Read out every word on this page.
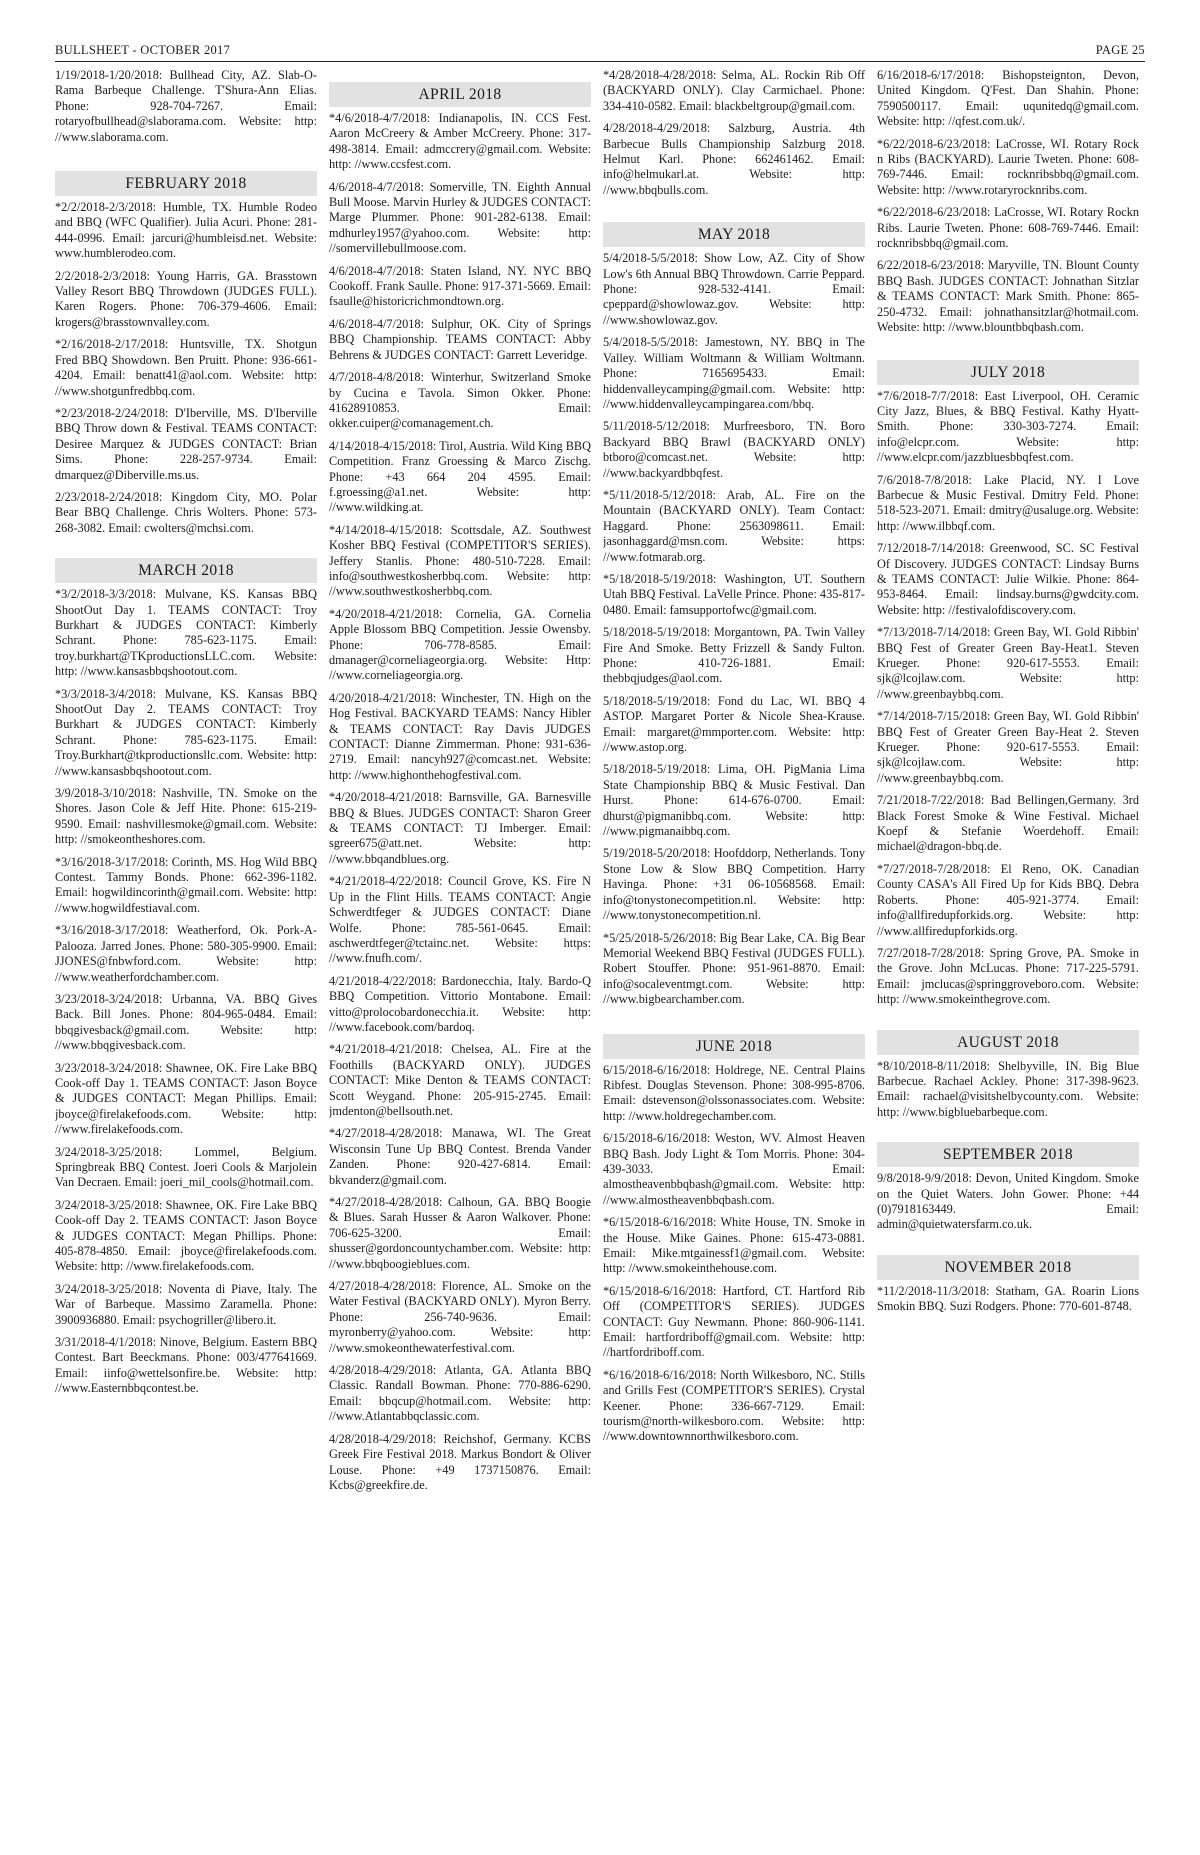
BULLSHEET - OCTOBER 2017	PAGE 25

1/19/2018-1/20/2018: Bullhead City, AZ. Slab-O-Rama Barbeque Challenge. T'Shura-Ann Elias. Phone: 928-704-7267. Email: rotaryofbullhead@slaborama.com. Website: http: //www.slaborama.com.

FEBRUARY 2018

*2/2/2018-2/3/2018: Humble, TX. Humble Rodeo and BBQ (WFC Qualifier). Julia Acuri. Phone: 281-444-0996. Email: jarcuri@humbleisd.net. Website: www.humblerodeo.com.

2/2/2018-2/3/2018: Young Harris, GA. Brasstown Valley Resort BBQ Throwdown (JUDGES FULL). Karen Rogers. Phone: 706-379-4606. Email: krogers@brasstownvalley.com.

*2/16/2018-2/17/2018: Huntsville, TX. Shotgun Fred BBQ Showdown. Ben Pruitt. Phone: 936-661-4204. Email: benatt41@aol.com. Website: http: //www.shotgunfredbbq.com.

*2/23/2018-2/24/2018: D'Iberville, MS. D'Iberville BBQ Throw down & Festival. TEAMS CONTACT: Desiree Marquez & JUDGES CONTACT: Brian Sims. Phone: 228-257-9734. Email: dmarquez@Diberville.ms.us.

2/23/2018-2/24/2018: Kingdom City, MO. Polar Bear BBQ Challenge. Chris Wolters. Phone: 573-268-3082. Email: cwolters@mchsi.com.

MARCH 2018

*3/2/2018-3/3/2018: Mulvane, KS. Kansas BBQ ShootOut Day 1. TEAMS CONTACT: Troy Burkhart & JUDGES CONTACT: Kimberly Schrant. Phone: 785-623-1175. Email: troy.burkhart@TKproductionsLLC.com. Website: http: //www.kansasbbqshootout.com.

*3/3/2018-3/4/2018: Mulvane, KS. Kansas BBQ ShootOut Day 2. TEAMS CONTACT: Troy Burkhart & JUDGES CONTACT: Kimberly Schrant. Phone: 785-623-1175. Email: Troy.Burkhart@tkproductionsllc.com. Website: http: //www.kansasbbqshootout.com.

3/9/2018-3/10/2018: Nashville, TN. Smoke on the Shores. Jason Cole & Jeff Hite. Phone: 615-219-9590. Email: nashvillesmoke@gmail.com. Website: http: //smokeontheshores.com.

*3/16/2018-3/17/2018: Corinth, MS. Hog Wild BBQ Contest. Tammy Bonds. Phone: 662-396-1182. Email: hogwildincorinth@gmail.com. Website: http: //www.hogwildfestiaval.com.

*3/16/2018-3/17/2018: Weatherford, Ok. Pork-A-Palooza. Jarred Jones. Phone: 580-305-9900. Email: JJONES@fnbwford.com. Website: http: //www.weatherfordchamber.com.

3/23/2018-3/24/2018: Urbanna, VA. BBQ Gives Back. Bill Jones. Phone: 804-965-0484. Email: bbqgivesback@gmail.com. Website: http: //www.bbqgivesback.com.

3/23/2018-3/24/2018: Shawnee, OK. Fire Lake BBQ Cook-off Day 1. TEAMS CONTACT: Jason Boyce & JUDGES CONTACT: Megan Phillips. Email: jboyce@firelakefoods.com. Website: http: //www.firelakefoods.com.

3/24/2018-3/25/2018: Lommel, Belgium. Springbreak BBQ Contest. Joeri Cools & Marjolein Van Decraen. Email: joeri_mil_cools@hotmail.com.

3/24/2018-3/25/2018: Shawnee, OK. Fire Lake BBQ Cook-off Day 2. TEAMS CONTACT: Jason Boyce & JUDGES CONTACT: Megan Phillips. Phone: 405-878-4850. Email: jboyce@firelakefoods.com. Website: http: //www.firelakefoods.com.

3/24/2018-3/25/2018: Noventa di Piave, Italy. The War of Barbeque. Massimo Zaramella. Phone: 3900936880. Email: psychogriller@libero.it.

3/31/2018-4/1/2018: Ninove, Belgium. Eastern BBQ Contest. Bart Beeckmans. Phone: 003/477641669. Email: iinfo@wettelsonfire.be. Website: http: //www.Easternbbqcontest.be.

APRIL 2018

*4/6/2018-4/7/2018: Indianapolis, IN. CCS Fest. Aaron McCreery & Amber McCreery. Phone: 317-498-3814. Email: admccrery@gmail.com. Website: http: //www.ccsfest.com.

4/6/2018-4/7/2018: Somerville, TN. Eighth Annual Bull Moose. Marvin Hurley & JUDGES CONTACT: Marge Plummer. Phone: 901-282-6138. Email: mdhurley1957@yahoo.com. Website: http: //somervillebullmoose.com.

4/6/2018-4/7/2018: Staten Island, NY. NYC BBQ Cookoff. Frank Saulle. Phone: 917-371-5669. Email: fsaulle@historicrichmondtown.org.

4/6/2018-4/7/2018: Sulphur, OK. City of Springs BBQ Championship. TEAMS CONTACT: Abby Behrens & JUDGES CONTACT: Garrett Leveridge.

4/7/2018-4/8/2018: Winterhur, Switzerland Smoke by Cucina e Tavola. Simon Okker. Phone: 41628910853. Email: okker.cuiper@comanagement.ch.

4/14/2018-4/15/2018: Tirol, Austria. Wild King BBQ Competition. Franz Groessing & Marco Zischg. Phone: +43 664 204 4595. Email: f.groessing@a1.net. Website: http: //www.wildking.at.

*4/14/2018-4/15/2018: Scottsdale, AZ. Southwest Kosher BBQ Festival (COMPETITOR'S SERIES). Jeffery Stanlis. Phone: 480-510-7228. Email: info@southwestkosherbbq.com. Website: http: //www.southwestkosherbbq.com.

*4/20/2018-4/21/2018: Cornelia, GA. Cornelia Apple Blossom BBQ Competition. Jessie Owensby. Phone: 706-778-8585. Email: dmanager@corneliageorgia.org. Website: Http: //www.corneliageorgia.org.

4/20/2018-4/21/2018: Winchester, TN. High on the Hog Festival. BACKYARD TEAMS: Nancy Hibler & TEAMS CONTACT: Ray Davis JUDGES CONTACT: Dianne Zimmerman. Phone: 931-636-2719. Email: nancyh927@comcast.net. Website: http: //www.highonthehogfestival.com.

*4/20/2018-4/21/2018: Barnsville, GA. Barnesville BBQ & Blues. JUDGES CONTACT: Sharon Greer & TEAMS CONTACT: TJ Imberger. Email: sgreer675@att.net. Website: http: //www.bbqandblues.org.

*4/21/2018-4/22/2018: Council Grove, KS. Fire N Up in the Flint Hills. TEAMS CONTACT: Angie Schwerdtfeger & JUDGES CONTACT: Diane Wolfe. Phone: 785-561-0645. Email: aschwerdtfeger@tctainc.net. Website: https: //www.fnufh.com/.

4/21/2018-4/22/2018: Bardonecchia, Italy. Bardo-Q BBQ Competition. Vittorio Montabone. Email: vitto@prolocobardonecchia.it. Website: http: //www.facebook.com/bardoq.

*4/21/2018-4/21/2018: Chelsea, AL. Fire at the Foothills (BACKYARD ONLY). JUDGES CONTACT: Mike Denton & TEAMS CONTACT: Scott Weygand. Phone: 205-915-2745. Email: jmdenton@bellsouth.net.

*4/27/2018-4/28/2018: Manawa, WI. The Great Wisconsin Tune Up BBQ Contest. Brenda Vander Zanden. Phone: 920-427-6814. Email: bkvanderz@gmail.com.

*4/27/2018-4/28/2018: Calhoun, GA. BBQ Boogie & Blues. Sarah Husser & Aaron Walkover. Phone: 706-625-3200. Email: shusser@gordoncountychamber.com. Website: http: //www.bbqboogieblues.com.

4/27/2018-4/28/2018: Florence, AL. Smoke on the Water Festival (BACKYARD ONLY). Myron Berry. Phone: 256-740-9636. Email: myronberry@yahoo.com. Website: http: //www.smokeonthewaterfestival.com.

4/28/2018-4/29/2018: Atlanta, GA. Atlanta BBQ Classic. Randall Bowman. Phone: 770-886-6290. Email: bbqcup@hotmail.com. Website: http: //www.Atlantabbqclassic.com.

4/28/2018-4/29/2018: Reichshof, Germany. KCBS Greek Fire Festival 2018. Markus Bondort & Oliver Louse. Phone: +49 1737150876. Email: Kcbs@greekfire.de.

*4/28/2018-4/28/2018: Selma, AL. Rockin Rib Off (BACKYARD ONLY). Clay Carmichael. Phone: 334-410-0582. Email: blackbeltgroup@gmail.com.

4/28/2018-4/29/2018: Salzburg, Austria. 4th Barbecue Bulls Championship Salzburg 2018. Helmut Karl. Phone: 662461462. Email: info@helmukarl.at. Website: http: //www.bbqbulls.com.

MAY 2018

5/4/2018-5/5/2018: Show Low, AZ. City of Show Low's 6th Annual BBQ Throwdown. Carrie Peppard. Phone: 928-532-4141. Email: cpeppard@showlowaz.gov. Website: http: //www.showlowaz.gov.

5/4/2018-5/5/2018: Jamestown, NY. BBQ in The Valley. William Woltmann & William Woltmann. Phone: 7165695433. Email: hiddenvalleycamping@gmail.com. Website: http: //www.hiddenvalleycampingarea.com/bbq.

5/11/2018-5/12/2018: Murfreesboro, TN. Boro Backyard BBQ Brawl (BACKYARD ONLY) btboro@comcast.net. Website: http: //www.backyardbbqfest.

*5/11/2018-5/12/2018: Arab, AL. Fire on the Mountain (BACKYARD ONLY). Team Contact: Haggard. Phone: 2563098611. Email: jasonhaggard@msn.com. Website: https: //www.fotmarab.org.

*5/18/2018-5/19/2018: Washington, UT. Southern Utah BBQ Festival. LaVelle Prince. Phone: 435-817-0480. Email: famsupportofwc@gmail.com.

5/18/2018-5/19/2018: Morgantown, PA. Twin Valley Fire And Smoke. Betty Frizzell & Sandy Fulton. Phone: 410-726-1881. Email: thebbqjudges@aol.com.

5/18/2018-5/19/2018: Fond du Lac, WI. BBQ 4 ASTOP. Margaret Porter & Nicole Shea-Krause. Email: margaret@mmporter.com. Website: http: //www.astop.org.

5/18/2018-5/19/2018: Lima, OH. PigMania Lima State Championship BBQ & Music Festival. Dan Hurst. Phone: 614-676-0700. Email: dhurst@pigmanibbq.com. Website: http: //www.pigmanaibbq.com.

5/19/2018-5/20/2018: Hoofddorp, Netherlands. Tony Stone Low & Slow BBQ Competition. Harry Havinga. Phone: +31 06-10568568. Email: info@tonystonecompetition.nl. Website: http: //www.tonystonecompetition.nl.

*5/25/2018-5/26/2018: Big Bear Lake, CA. Big Bear Memorial Weekend BBQ Festival (JUDGES FULL). Robert Stouffer. Phone: 951-961-8870. Email: info@socaleventmgt.com. Website: http: //www.bigbearchamber.com.

JUNE 2018

6/15/2018-6/16/2018: Holdrege, NE. Central Plains Ribfest. Douglas Stevenson. Phone: 308-995-8706. Email: dstevenson@olssonassociates.com. Website: http: //www.holdregechamber.com.

6/15/2018-6/16/2018: Weston, WV. Almost Heaven BBQ Bash. Jody Light & Tom Morris. Phone: 304-439-3033. Email: almostheavenbbqbash@gmail.com. Website: http: //www.almostheavenbbqbash.com.

*6/15/2018-6/16/2018: White House, TN. Smoke in the House. Mike Gaines. Phone: 615-473-0881. Email: Mike.mtgainessf1@gmail.com. Website: http: //www.smokeinthehouse.com.

*6/15/2018-6/16/2018: Hartford, CT. Hartford Rib Off (COMPETITOR'S SERIES). JUDGES CONTACT: Guy Newmann. Phone: 860-906-1141. Email: hartfordriboff@gmail.com. Website: http: //hartfordriboff.com.

*6/16/2018-6/16/2018: North Wilkesboro, NC. Stills and Grills Fest (COMPETITOR'S SERIES). Crystal Keener. Phone: 336-667-7129. Email: tourism@north-wilkesboro.com. Website: http: //www.downtownnorthwilkesboro.com.

6/16/2018-6/17/2018: Bishopsteignton, Devon, United Kingdom. Q'Fest. Dan Shahin. Phone: 7590500117. Email: uqunitedq@gmail.com. Website: http: //qfest.com.uk/.

*6/22/2018-6/23/2018: LaCrosse, WI. Rotary Rock n Ribs (BACKYARD). Laurie Tweten. Phone: 608-769-7446. Email: rocknribsbbq@gmail.com. Website: http: //www.rotaryrocknribs.com.

*6/22/2018-6/23/2018: LaCrosse, WI. Rotary Rockn Ribs. Laurie Tweten. Phone: 608-769-7446. Email: rocknribsbbq@gmail.com.

6/22/2018-6/23/2018: Maryville, TN. Blount County BBQ Bash. JUDGES CONTACT: Johnathan Sitzlar & TEAMS CONTACT: Mark Smith. Phone: 865-250-4732. Email: johnathansitzlar@hotmail.com. Website: http: //www.blountbbqbash.com.

JULY 2018

*7/6/2018-7/7/2018: East Liverpool, OH. Ceramic City Jazz, Blues, & BBQ Festival. Kathy Hyatt-Smith. Phone: 330-303-7274. Email: info@elcpr.com. Website: http: //www.elcpr.com/jazzbluesbbqfest.com.

7/6/2018-7/8/2018: Lake Placid, NY. I Love Barbecue & Music Festival. Dmitry Feld. Phone: 518-523-2071. Email: dmitry@usaluge.org. Website: http: //www.ilbbqf.com.

7/12/2018-7/14/2018: Greenwood, SC. SC Festival Of Discovery. JUDGES CONTACT: Lindsay Burns & TEAMS CONTACT: Julie Wilkie. Phone: 864-953-8464. Email: lindsay.burns@gwdcity.com. Website: http: //festivalofdiscovery.com.

*7/13/2018-7/14/2018: Green Bay, WI. Gold Ribbin' BBQ Fest of Greater Green Bay-Heat1. Steven Krueger. Phone: 920-617-5553. Email: sjk@lcojlaw.com. Website: http: //www.greenbaybbq.com.

*7/14/2018-7/15/2018: Green Bay, WI. Gold Ribbin' BBQ Fest of Greater Green Bay-Heat 2. Steven Krueger. Phone: 920-617-5553. Email: sjk@lcojlaw.com. Website: http: //www.greenbaybbq.com.

7/21/2018-7/22/2018: Bad Bellingen,Germany. 3rd Black Forest Smoke & Wine Festival. Michael Koepf & Stefanie Woerdehoff. Email: michael@dragon-bbq.de.

*7/27/2018-7/28/2018: El Reno, OK. Canadian County CASA's All Fired Up for Kids BBQ. Debra Roberts. Phone: 405-921-3774. Email: info@allfiredupforkids.org. Website: http: //www.allfiredupforkids.org.

7/27/2018-7/28/2018: Spring Grove, PA. Smoke in the Grove. John McLucas. Phone: 717-225-5791. Email: jmclucas@springgroveboro.com. Website: http: //www.smokeinthegrove.com.

AUGUST 2018

*8/10/2018-8/11/2018: Shelbyville, IN. Big Blue Barbecue. Rachael Ackley. Phone: 317-398-9623. Email: rachael@visitshelbycounty.com. Website: http: //www.bigbluebarbeque.com.

SEPTEMBER 2018

9/8/2018-9/9/2018: Devon, United Kingdom. Smoke on the Quiet Waters. John Gower. Phone: +44 (0)7918163449. Email: admin@quietwatersfarm.co.uk.

NOVEMBER 2018

*11/2/2018-11/3/2018: Statham, GA. Roarin Lions Smokin BBQ. Suzi Rodgers. Phone: 770-601-8748.
